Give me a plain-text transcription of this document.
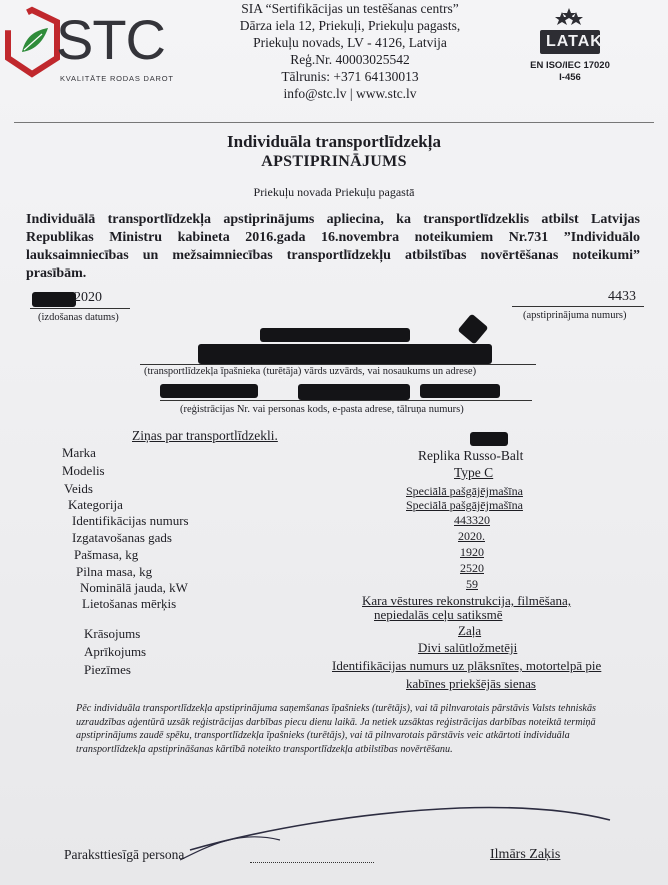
STC
KVALITĀTE RODAS DAROT
SIA “Sertifikācijas un testēšanas centrs”
Dārza iela 12, Priekuļi, Priekuļu pagasts,
Priekuļu novads, LV - 4126, Latvija
Reģ.Nr. 40003025542
Tālrunis: +371 64130013
info@stc.lv | www.stc.lv
LATAK
EN ISO/IEC 17020
I-456
Individuāla transportlīdzekļa
APSTIPRINĀJUMS
Priekuļu novada Priekuļu pagastā
Individuālā transportlīdzekļa apstiprinājums apliecina, ka transportlīdzeklis atbilst Latvijas Republikas Ministru kabineta 2016.gada 16.novembra noteikumiem Nr.731 ”Individuālo lauksaimniecības un mežsaimniecības transportlīdzekļu atbilstības novērtēšanas noteikumi” prasībām.
2020
(izdošanas datums)
4433
(apstiprinājuma numurs)
(transportlīdzekļa īpašnieka (turētāja) vārds uzvārds, vai nosaukums un adrese)
(reģistrācijas Nr. vai personas kods, e-pasta adrese, tālruņa numurs)
Ziņas par transportlīdzekli.
Marka
Modelis
Veids
Kategorija
Identifikācijas numurs
Izgatavošanas gads
Pašmasa, kg
Pilna masa, kg
Nominālā jauda, kW
Lietošanas mērķis
Krāsojums
Aprīkojums
Piezīmes
Replika Russo-Balt
Type C
Speciālā pašgājējmašīna
Speciālā pašgājējmašīna
443320
2020.
1920
2520
59
Kara vēstures rekonstrukcija, filmēšana,
nepiedalās ceļu satiksmē
Zaļa
Divi salūtložmetēji
Identifikācijas numurs uz plāksnītes, motortelpā pie
kabīnes priekšējās sienas
Pēc individuāla transportlīdzekļa apstiprinājuma saņemšanas īpašnieks (turētājs), vai tā pilnvarotais pārstāvis Valsts tehniskās uzraudzības aģentūrā uzsāk reģistrācijas darbības piecu dienu laikā. Ja netiek uzsāktas reģistrācijas darbības noteiktā termiņā apstiprinājums zaudē spēku, transportlīdzekļa īpašnieks (turētājs), vai tā pilnvarotais pārstāvis veic atkārtoti individuāla transportlīdzekļa apstiprināšanas kārtībā noteikto transportlīdzekļa atbilstības novērtēšanu.
Paraksttiesīgā persona	Ilmārs Zaķis
